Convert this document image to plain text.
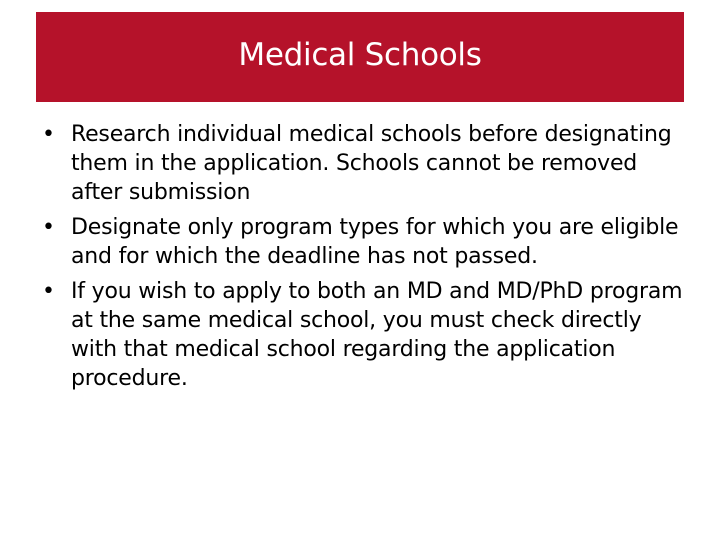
Medical Schools
• Research individual medical schools before designating them in the application. Schools cannot be removed after submission
• Designate only program types for which you are eligible and for which the deadline has not passed.
• If you wish to apply to both an MD and MD/PhD program at the same medical school, you must check directly with that medical school regarding the application procedure.
